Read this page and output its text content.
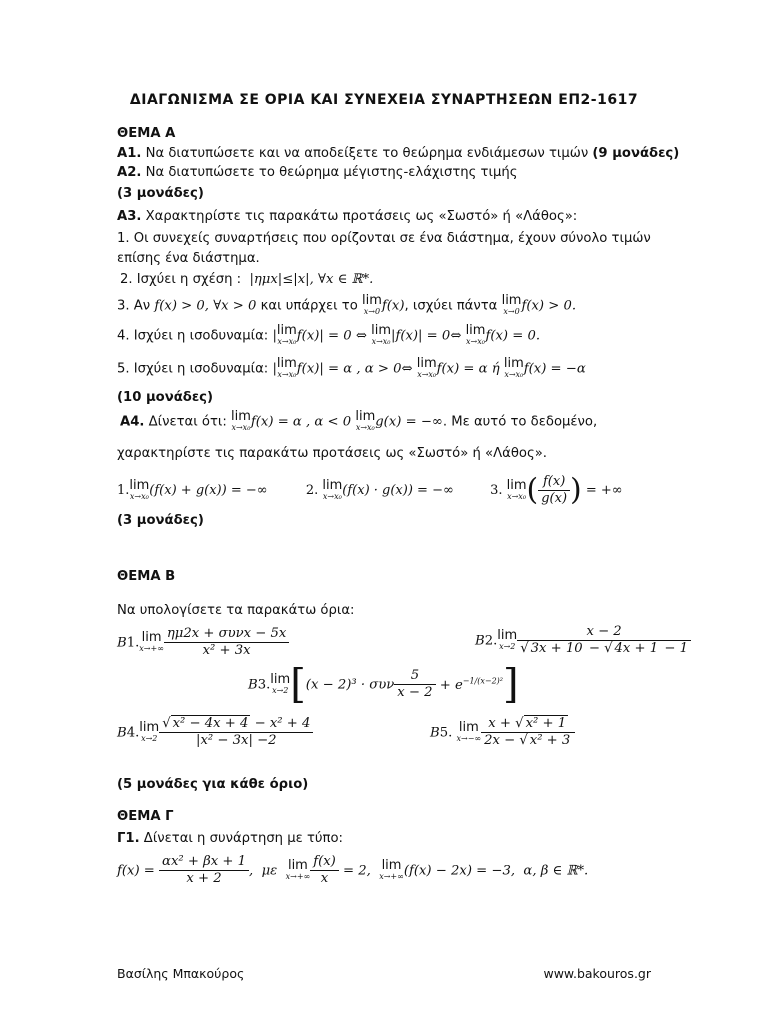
ΔΙΑΓΩΝΙΣΜΑ ΣΕ ΟΡΙΑ ΚΑΙ ΣΥΝΕΧΕΙΑ ΣΥΝΑΡΤΗΣΕΩΝ ΕΠ2-1617
ΘΕΜΑ Α
Α1. Να διατυπώσετε και να αποδείξετε το θεώρημα ενδιάμεσων τιμών (9 μονάδες)
Α2. Να διατυπώσετε το θεώρημα μέγιστης-ελάχιστης τιμής
(3 μονάδες)
Α3. Χαρακτηρίστε τις παρακάτω προτάσεις ως «Σωστό» ή «Λάθος»:
1. Οι συνεχείς συναρτήσεις που ορίζονται σε ένα διάστημα, έχουν σύνολο τιμών
επίσης ένα διάστημα.
2. Ισχύει η σχέση :  |ημx|≤|x|, ∀x ∈ ℝ*.
3. Αν f(x) > 0, ∀x > 0 και υπάρχει το lim
x→0 f(x), ισχύει πάντα lim
x→0 f(x) > 0.
4. Ισχύει η ισοδυναμία: | lim
x→x₀ f(x)| = 0 ⇔ lim
x→x₀ |f(x)| = 0⇔ lim
x→x₀ f(x) = 0.
5. Ισχύει η ισοδυναμία: | lim
x→x₀ f(x)| = α , α > 0⇔ lim
x→x₀ f(x) = α ή lim
x→x₀ f(x) = −α
(10 μονάδες)
Α4. Δίνεται ότι: lim
x→x₀ f(x) = α , α < 0 lim
x→x₀ g(x) = −∞. Με αυτό το δεδομένο,
χαρακτηρίστε τις παρακάτω προτάσεις ως «Σωστό» ή «Λάθος».
1. lim
x→x₀ (f(x) + g(x)) = −∞	2. lim
x→x₀ (f(x) · g(x)) = −∞	3. lim
x→x₀ ( $\frac{f(x)}{g(x)}$ ) = +∞
(3 μονάδες)
ΘΕΜΑ Β
Να υπολογίσετε τα παρακάτω όρια:
B1. lim
$x\to+\infty \frac{\text{ημ2x + συνx − 5x}}{\text{x² + 3x}}$	B2. lim
$x\to 2 \frac{x - 2}{√ 3x + 10 - √ 4x + 1 - 1}$
B3. lim
x→2 [(x − 2)³ · συν $\frac{5}{x - 2} + e^{-1/(x-2)^2}$]
B4. lim
$x\to 2 \frac{\text{√ x² − 4x + 4 − x² + 4}}{\text{|x² − 3x| −2}}$	B5. lim
$x\to-\infty \frac{\text{x + √ x² + 1}}{\text{2x − √ x² + 3}}$
(5 μονάδες για κάθε όριο)
ΘΕΜΑ Γ
Γ1. Δίνεται η συνάρτηση με τύπο:
$f(x) = \frac{\text{αx² + βx + 1}}{x + 2}$ ,  με lim
$x\to+\infty \frac{f(x)}{x} = 2$, lim
x→+∞ (f(x) − 2x) = −3,  α, β ∈ ℝ*.
Βασίλης Μπακούρος	www.bakouros.gr
